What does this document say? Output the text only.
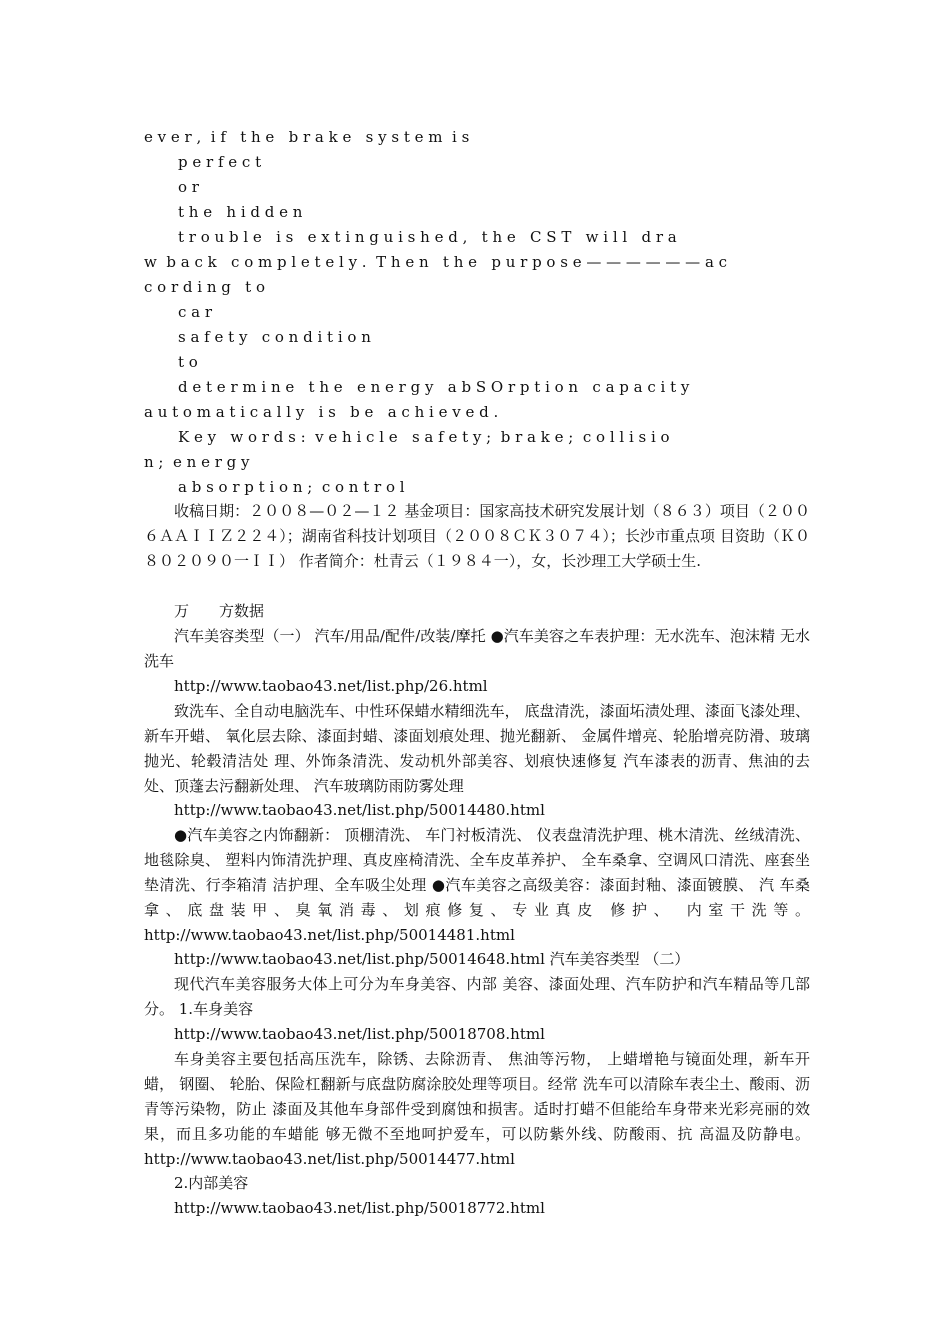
e v e r ,  i f   t h e   b r a k e   s y s t e m  i s
p e r f e c t
o r
t h e   h i d d e n
t r o u b l e   i s   e x t i n g u i s h e d ,   t h e   C S T   w i l l   d r a
w  b a c k   c o m p l e t e l y .  T h e n   t h e   p u r p o s e — — — — — — a c
c o r d i n g   t o
c a r
s a f e t y   c o n d i t i o n
t o
d e t e r m i n e   t h e   e n e r g y   a b S O r p t i o n   c a p a c i t y
a u t o m a t i c a l l y   i s   b e   a c h i e v e d .
K e y   w o r d s :  v e h i c l e   s a f e t y ;  b r a k e ;  c o l l i s i o
n ;  e n e r g y
a b s o r p t i o n ;  c o n t r o l
收稿日期：２００８—０２—１２ 基金项目：国家高技术研究发展计划（８６３）项目（２００６ＡＡＩＩＺ２２４）；湖南省科技计划项目（２００８ＣＫ３０７４）；长沙市重点项 目资助（Ｋ０８０２０９０一ＩＩ） 作者简介：杜青云（１９８４一），女，长沙理工大学硕士生.
万　　方数据
汽车美容类型（一） 汽车/用品/配件/改装/摩托 ●汽车美容之车表护理：无水洗车、泡沫精 无水洗车
http://www.taobao43.net/list.php/26.html
致洗车、全自动电脑洗车、中性环保蜡水精细洗车， 底盘清洗，漆面坧渍处理、漆面飞漆处理、新车开蜡、 氧化层去除、漆面封蜡、漆面划痕处理、抛光翻新、 金属件增亮、轮胎增亮防滑、玻璃抛光、轮毂清洁处 理、外饰条清洗、发动机外部美容、划痕快速修复 汽车漆表的沥青、焦油的去处、顶蓬去污翻新处理、 汽车玻璃防雨防雾处理
http://www.taobao43.net/list.php/50014480.html
●汽车美容之内饰翻新： 顶棚清洗、 车门衬板清洗、 仪表盘清洗护理、桃木清洗、丝绒清洗、地毯除臭、 塑料内饰清洗护理、真皮座椅清洗、全车皮革养护、 全车桑拿、空调风口清洗、座套坐垫清洗、行李箱清 洁护理、全车吸尘处理 ●汽车美容之高级美容：漆面封釉、漆面镀膜、 汽 车桑拿、底盘装甲、臭氧消毒、划痕修复、专业真皮 修护、 内室干洗等。 http://www.taobao43.net/list.php/50014481.html
http://www.taobao43.net/list.php/50014648.html 汽车美容类型 （二）
现代汽车美容服务大体上可分为车身美容、内部 美容、漆面处理、汽车防护和汽车精品等几部分。 1.车身美容
http://www.taobao43.net/list.php/50018708.html
车身美容主要包括高压洗车，除锈、去除沥青、 焦油等污物， 上蜡增艳与镜面处理，新车开蜡， 钢圈、 轮胎、保险杠翻新与底盘防腐涂胶处理等项目。经常 洗车可以清除车表尘土、酸雨、沥青等污染物，防止 漆面及其他车身部件受到腐蚀和损害。适时打蜡不但能给车身带来光彩亮丽的效果，而且多功能的车蜡能 够无微不至地呵护爱车，可以防紫外线、防酸雨、抗 高温及防静电。http://www.taobao43.net/list.php/50014477.html
2.内部美容
http://www.taobao43.net/list.php/50018772.html
